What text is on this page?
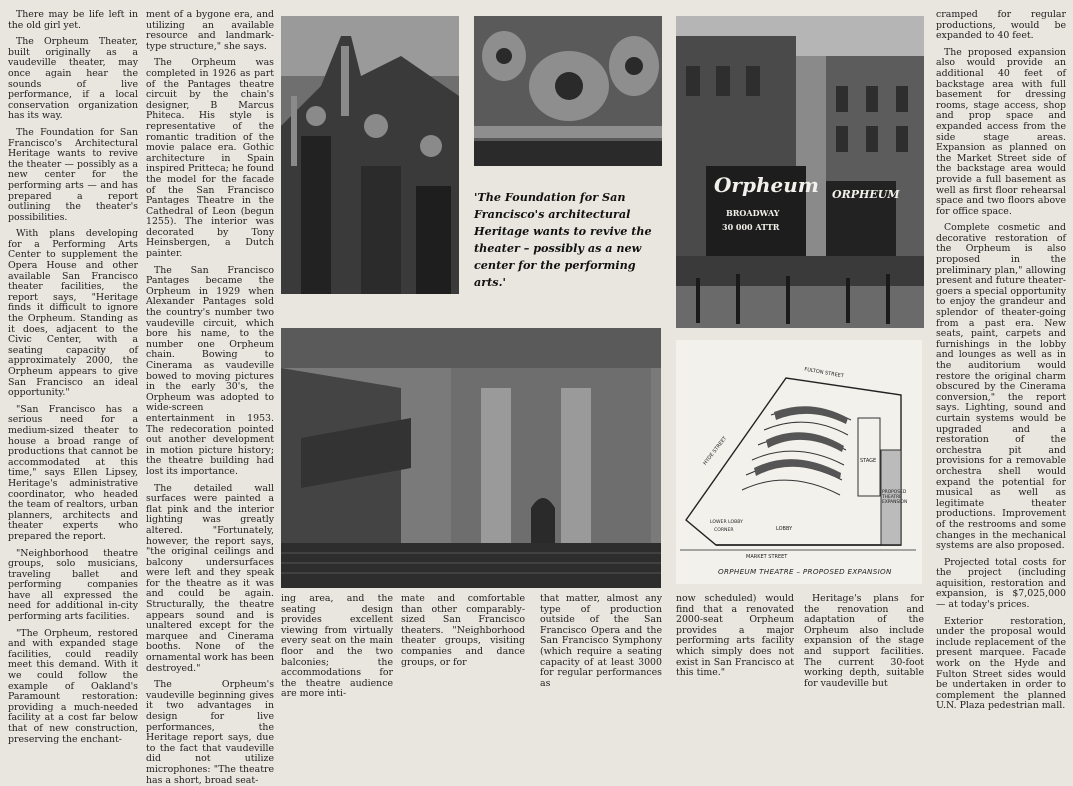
There may be life left in the old girl yet.

The Orpheum Theater, built originally as a vaudeville theater, may once again hear the sounds of live performance, if a local conservation organization has its way.

The Foundation for San Francisco's Architectural Heritage wants to revive the theater — possibly as a new center for the performing arts — and has prepared a report outlining the theater's possibilities.

With plans developing for a Performing Arts Center to supplement the Opera House and other available San Francisco theater facilities, the report says, "Heritage finds it difficult to ignore the Orpheum. Standing as it does, adjacent to the Civic Center, with a seating capacity of approximately 2000, the Orpheum appears to give San Francisco an ideal opportunity."

"San Francisco has a serious need for a medium-sized theater to house a broad range of productions that cannot be accommodated at this time," says Ellen Lipsey, Heritage's administrative coordinator, who headed the team of realtors, urban planners, architects and theater experts who prepared the report.

"Neighborhood theatre groups, solo musicians, traveling ballet and performing companies have all expressed the need for additional in-city performing arts facilities.

"The Orpheum, restored and with expanded stage facilities, could readily meet this demand. With it we could follow the example of Oakland's Paramount restoration: providing a much-needed facility at a cost far below that of new construction, preserving the enchant-

ment of a bygone era, and utilizing an available resource and landmark-type structure," she says.

The Orpheum was completed in 1926 as part of the Pantages theatre circuit by the chain's designer, B Marcus Phiteca. His style is representative of the romantic tradition of the movie palace era. Gothic architecture in Spain inspired Pritteca; he found the model for the facade of the San Francisco Pantages Theatre in the Cathedral of Leon (begun 1255). The interior was decorated by Tony Heinsbergen, a Dutch painter.

The San Francisco Pantages became the Orpheum in 1929 when Alexander Pantages sold the country's number two vaudeville circuit, which bore his name, to the number one Orpheum chain. Bowing to Cinerama as vaudeville bowed to moving pictures in the early 30's, the Orpheum was adopted to wide-screen entertainment in 1953. The redecoration pointed out another development in motion picture history; the theatre building had lost its importance.

The detailed wall surfaces were painted a flat pink and the interior lighting was greatly altered. "Fortunately, however, the report says, "the original ceilings and balcony undersurfaces were left and they speak for the theatre as it was and could be again. Structurally, the theatre appears sound and is unaltered except for the marquee and Cinerama booths. None of the ornamental work has been destroyed."

The Orpheum's vaudeville beginning gives it two advantages in design for live performances, the Heritage report says, due to the fact that vaudeville did not utilize microphones: "The theatre has a short, broad seat-

'The Foundation for San Francisco's architectural Heritage wants to revive the theater – possibly as a new center for the performing arts.'
Orpheum ORPHEUM
BROADWAY
30 000 ATTR
FULTON STREET
HYDE STREET	STAGE
PROPOSED THEATRE EXPANSION
LOBBY
LOWER LOBBY
CORNER
MARKET STREET
ORPHEUM THEATRE – PROPOSED EXPANSION

ing area, and the seating design provides excellent viewing from virtually every seat on the main floor and the two balconies; the accommodations for the theatre audience are more inti-

mate and comfortable than other comparably-sized San Francisco theaters. "Neighborhood theater groups, visiting companies and dance groups, or for

that matter, almost any type of production outside of the San Francisco Opera and the San Francisco Symphony (which require a seating capacity of at least 3000 for regular performances as

now scheduled) would find that a renovated 2000-seat Orpheum provides a major performing arts facility which simply does not exist in San Francisco at this time."

Heritage's plans for the renovation and adaptation of the Orpheum also include expansion of the stage and support facilities. The current 30-foot working depth, suitable for vaudeville but

cramped for regular productions, would be expanded to 40 feet.

The proposed expansion also would provide an additional 40 feet of backstage area with full basement for dressing rooms, stage access, shop and prop space and expanded access from the side stage areas. Expansion as planned on the Market Street side of the backstage area would provide a full basement as well as first floor rehearsal space and two floors above for office space.

Complete cosmetic and decorative restoration of the Orpheum is also proposed in the preliminary plan," allowing present and future theater-goers a special opportunity to enjoy the grandeur and splendor of theater-going from a past era. New seats, paint, carpets and furnishings in the lobby and lounges as well as in the auditorium would restore the original charm obscured by the Cinerama conversion," the report says. Lighting, sound and curtain systems would be upgraded and a restoration of the orchestra pit and provisions for a removable orchestra shell would expand the potential for musical as well as legitimate theater productions. Improvement of the restrooms and some changes in the mechanical systems are also proposed.

Projected total costs for the project (including aquisition, restoration and expansion, is $7,025,000 — at today's prices.

Exterior restoration, under the proposal would include replacement of the present marquee. Facade work on the Hyde and Fulton Street sides would be undertaken in order to complement the planned U.N. Plaza pedestrian mall.
